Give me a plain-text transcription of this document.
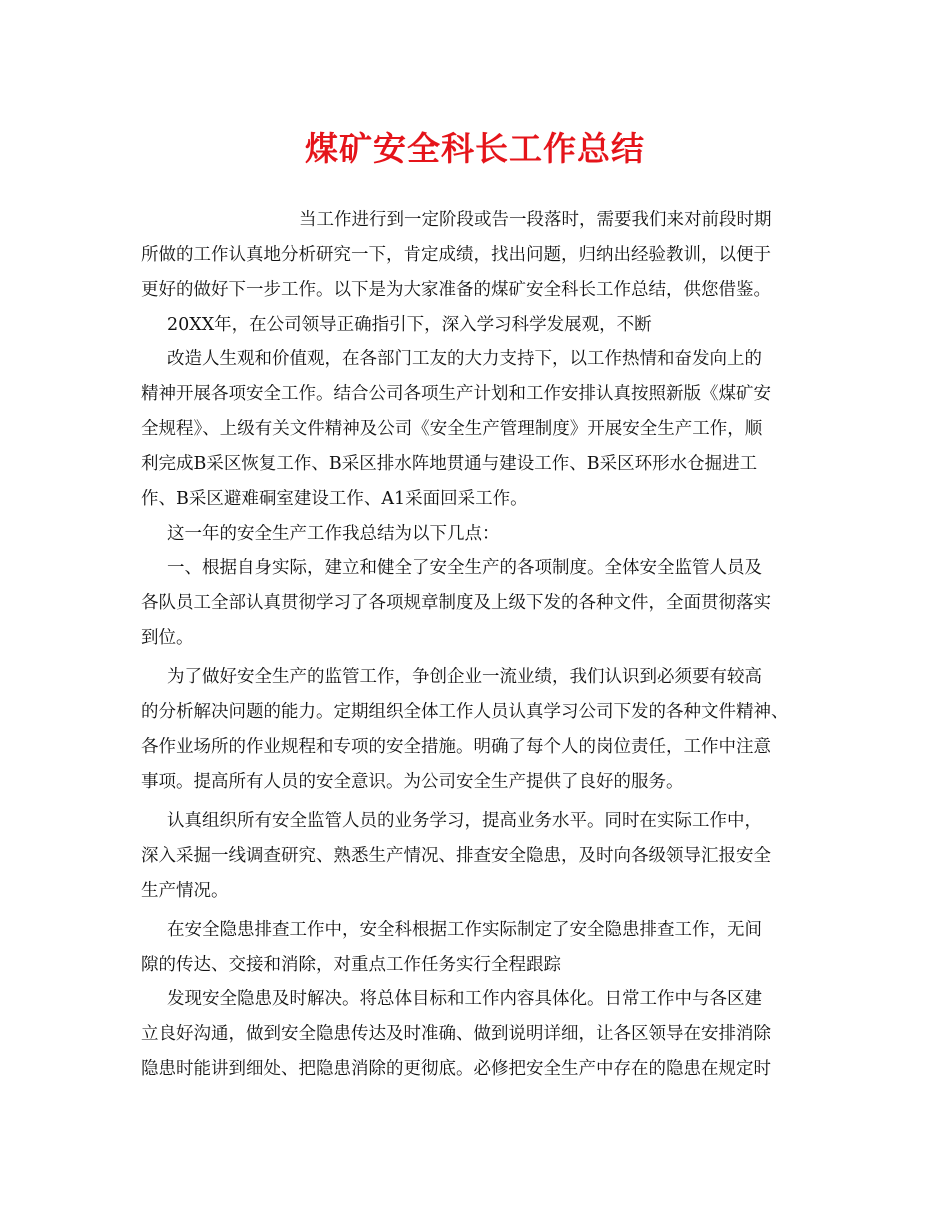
煤矿安全科长工作总结
当工作进行到一定阶段或告一段落时，需要我们来对前段时期
所做的工作认真地分析研究一下，肯定成绩，找出问题，归纳出经验教训，以便于
更好的做好下一步工作。以下是为大家准备的煤矿安全科长工作总结，供您借鉴。
20XX年，在公司领导正确指引下，深入学习科学发展观，不断
改造人生观和价值观，在各部门工友的大力支持下，以工作热情和奋发向上的
精神开展各项安全工作。结合公司各项生产计划和工作安排认真按照新版《煤矿安
全规程》、上级有关文件精神及公司《安全生产管理制度》开展安全生产工作，顺
利完成B采区恢复工作、B采区排水阵地贯通与建设工作、B采区环形水仓掘进工
作、B采区避难硐室建设工作、A1采面回采工作。
这一年的安全生产工作我总结为以下几点：
一、根据自身实际，建立和健全了安全生产的各项制度。全体安全监管人员及
各队员工全部认真贯彻学习了各项规章制度及上级下发的各种文件，全面贯彻落实
到位。
为了做好安全生产的监管工作，争创企业一流业绩，我们认识到必须要有较高
的分析解决问题的能力。定期组织全体工作人员认真学习公司下发的各种文件精神、
各作业场所的作业规程和专项的安全措施。明确了每个人的岗位责任，工作中注意
事项。提高所有人员的安全意识。为公司安全生产提供了良好的服务。
认真组织所有安全监管人员的业务学习，提高业务水平。同时在实际工作中，
深入采掘一线调查研究、熟悉生产情况、排查安全隐患，及时向各级领导汇报安全
生产情况。
在安全隐患排查工作中，安全科根据工作实际制定了安全隐患排查工作，无间
隙的传达、交接和消除，对重点工作任务实行全程跟踪
发现安全隐患及时解决。将总体目标和工作内容具体化。日常工作中与各区建
立良好沟通，做到安全隐患传达及时准确、做到说明详细，让各区领导在安排消除
隐患时能讲到细处、把隐患消除的更彻底。必修把安全生产中存在的隐患在规定时
